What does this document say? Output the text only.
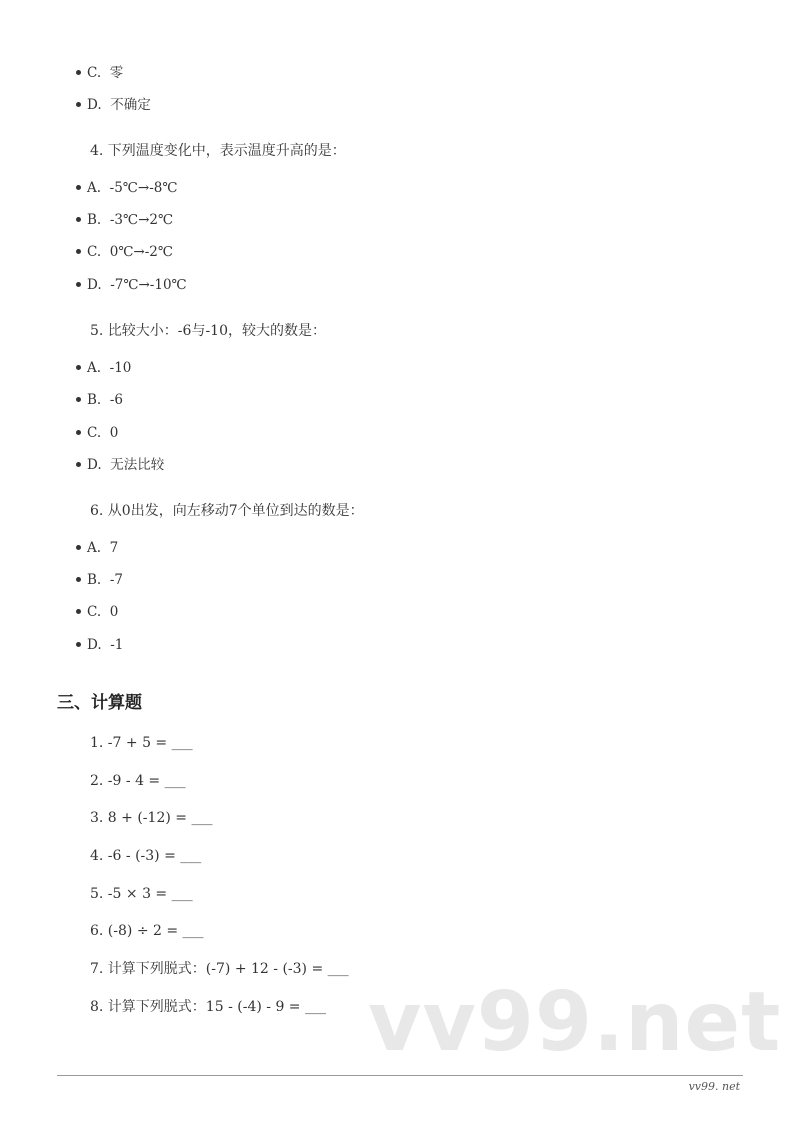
C. 零
D. 不确定
4. 下列温度变化中，表示温度升高的是：
A. -5℃→-8℃
B. -3℃→2℃
C. 0℃→-2℃
D. -7℃→-10℃
5. 比较大小：-6与-10，较大的数是：
A. -10
B. -6
C. 0
D. 无法比较
6. 从0出发，向左移动7个单位到达的数是：
A. 7
B. -7
C. 0
D. -1
三、计算题
1. -7 + 5 = ___
2. -9 - 4 = ___
3. 8 + (-12) = ___
4. -6 - (-3) = ___
5. -5 × 3 = ___
6. (-8) ÷ 2 = ___
7. 计算下列脱式：(-7) + 12 - (-3) = ___
8. 计算下列脱式：15 - (-4) - 9 = ___ vv99.net
vv99. net
